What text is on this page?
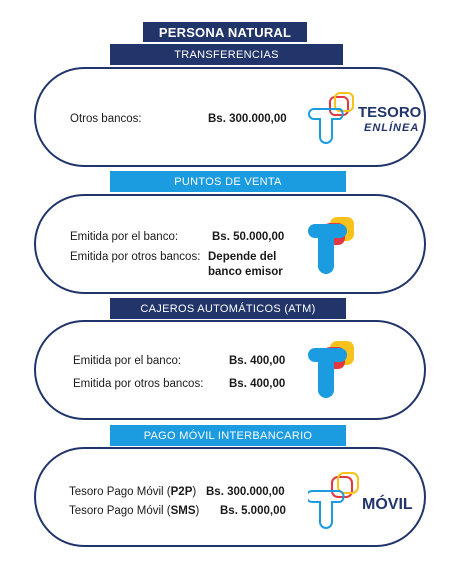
PERSONA NATURAL
TRANSFERENCIAS
Otros bancos:	Bs. 300.000,00	TESORO
ENLÍNEA
PUNTOS DE VENTA
Emitida por el banco:	Bs. 50.000,00
Emitida por otros bancos: Depende del
banco emisor
CAJEROS AUTOMÁTICOS (ATM)
Emitida por el banco:	Bs. 400,00
Emitida por otros bancos: Bs. 400,00
PAGO MÓVIL INTERBANCARIO
Tesoro Pago Móvil (P2P) Bs. 300.000,00
Tesoro Pago Móvil (SMS) Bs. 5.000,00	MÓVIL
